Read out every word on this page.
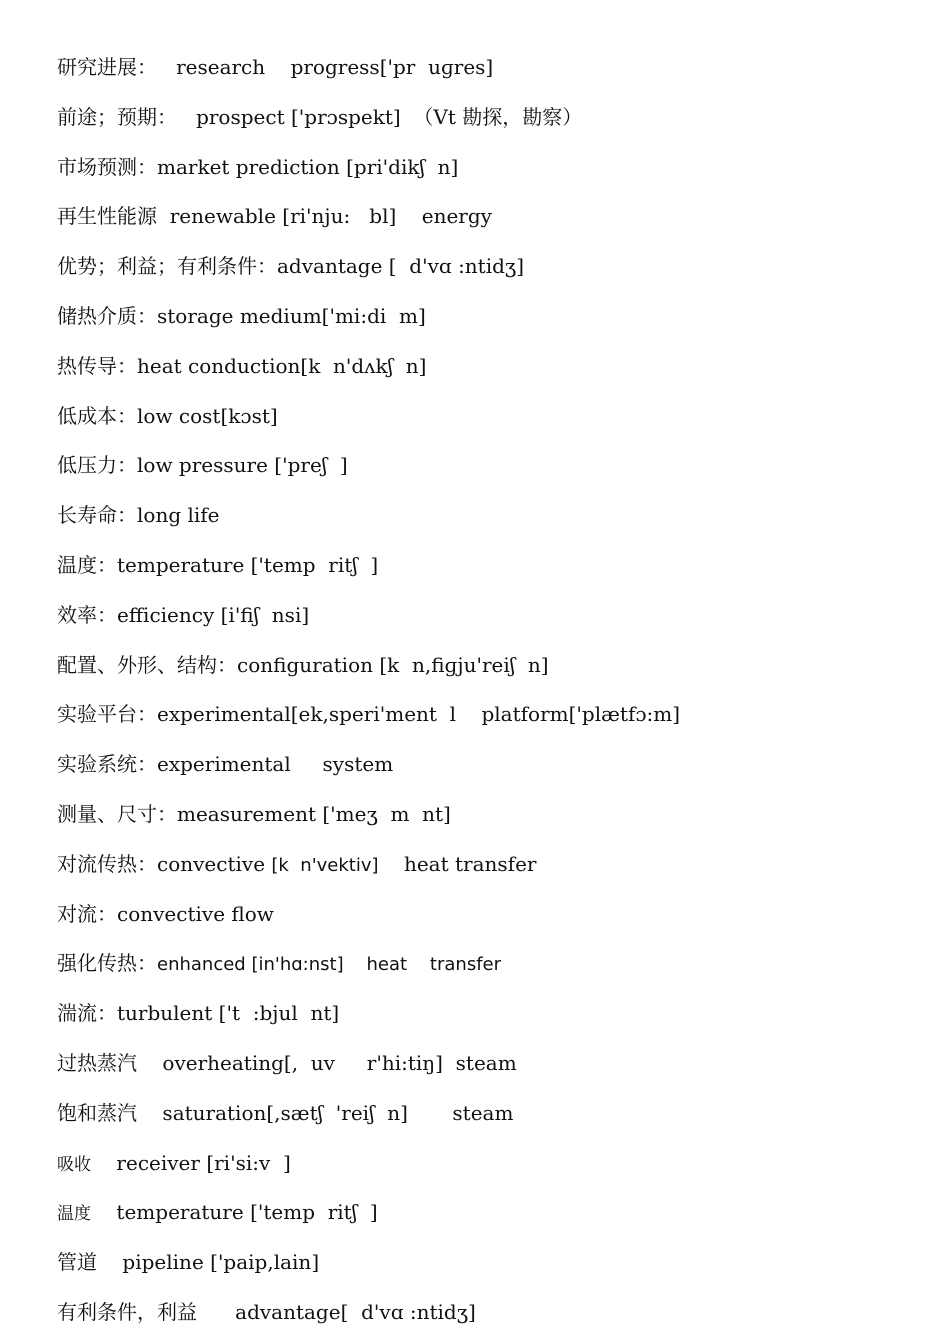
研究进展：   research    progress['pr  uɡres]
前途；预期：   prospect ['prɔspekt]  （Vt 勘探，勘察）
市场预测：market prediction [pri'dikʃ  n]
再生性能源  renewable [ri'nju:   bl]    energy
优势；利益；有利条件：advantage [  d'vɑ :ntidʒ]
储热介质：storage medium['mi:di  m]
热传导：heat conduction[k  n'dʌkʃ  n]
低成本：low cost[kɔst]
低压力：low pressure ['preʃ  ]
长寿命：long life
温度：temperature ['temp  ritʃ  ]
效率：efficiency [i'fiʃ  nsi]
配置、外形、结构：configuration [k  n,fiɡju'reiʃ  n]
实验平台：experimental[ek,speri'ment  l    platform['plætfɔ:m]
实验系统：experimental     system
测量、尺寸：measurement ['meʒ  m  nt]
对流传热：convective [k  n'vektiv]    heat transfer
对流：convective flow
强化传热：enhanced [in'hɑ:nst]    heat    transfer
湍流：turbulent ['t  :bjul  nt]
过热蒸汽    overheating[,  uv     r'hi:tiŋ]  steam
饱和蒸汽    saturation[,sætʃ  'reiʃ  n]       steam
吸收    receiver [ri'si:v  ]
温度    temperature ['temp  ritʃ  ]
管道    pipeline ['paip,lain]
有利条件，利益      advantage[  d'vɑ :ntidʒ]
